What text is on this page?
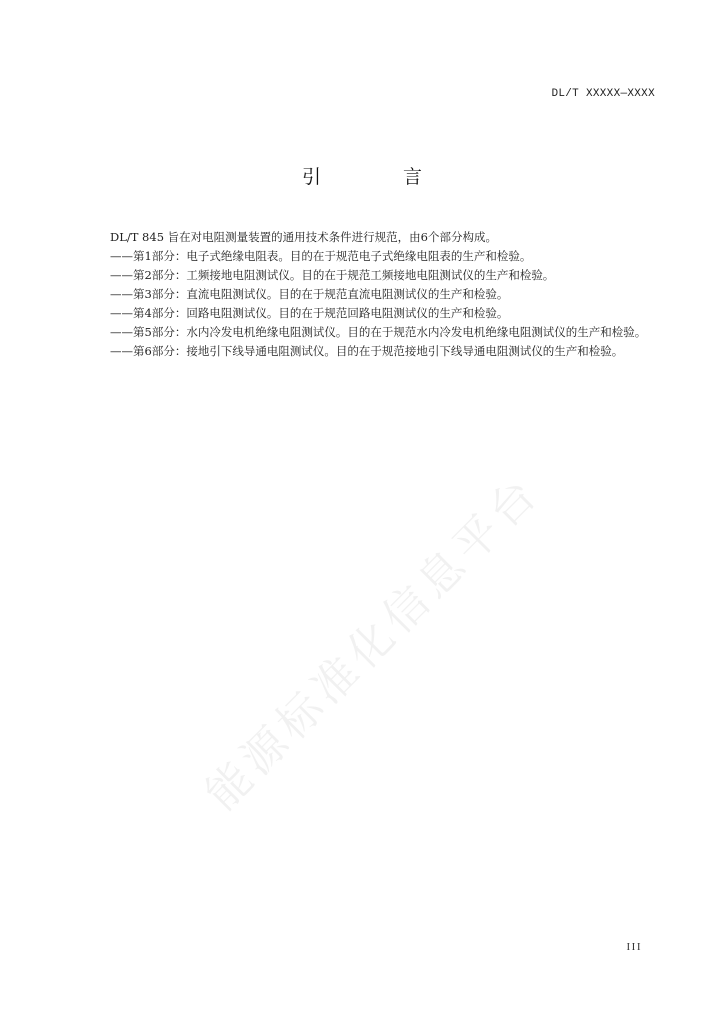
DL/T XXXXX—XXXX
引 言

DL/T 845 旨在对电阻测量装置的通用技术条件进行规范，由6个部分构成。

——第1部分：电子式绝缘电阻表。目的在于规范电子式绝缘电阻表的生产和检验。

——第2部分：工频接地电阻测试仪。目的在于规范工频接地电阻测试仪的生产和检验。

——第3部分：直流电阻测试仪。目的在于规范直流电阻测试仪的生产和检验。

——第4部分：回路电阻测试仪。目的在于规范回路电阻测试仪的生产和检验。

——第5部分：水内冷发电机绝缘电阻测试仪。目的在于规范水内冷发电机绝缘电阻测试仪的生产和检验。

——第6部分：接地引下线导通电阻测试仪。目的在于规范接地引下线导通电阻测试仪的生产和检验。

能源标准化信息平台
III
